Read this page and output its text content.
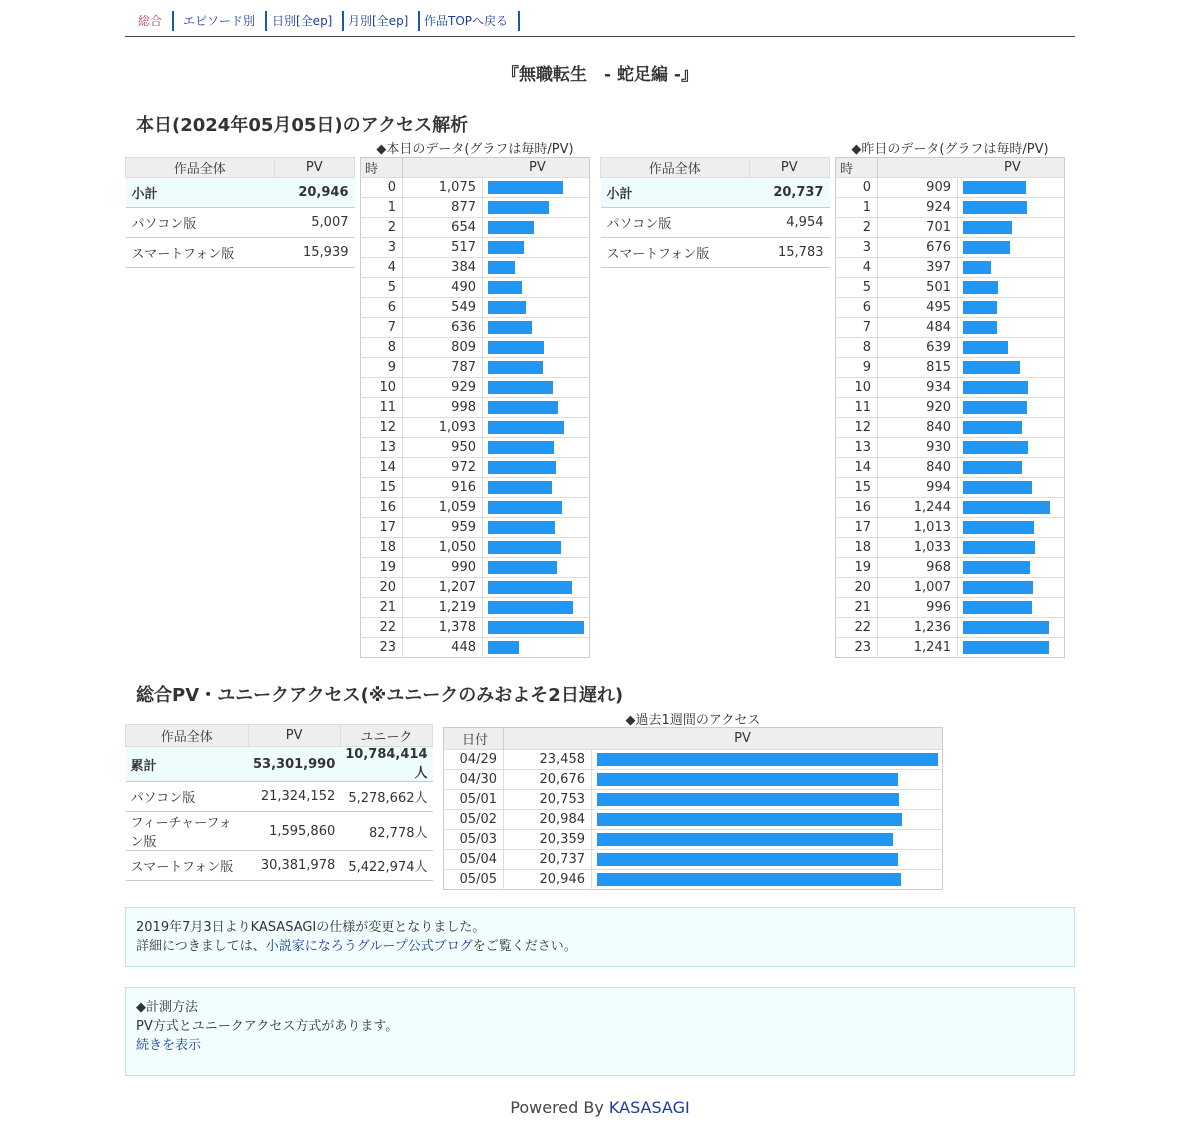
総合	エピソード別	日別[全ep]	月別[全ep]	作品TOPへ戻る
『無職転生　- 蛇足編 -』
本日(2024年05月05日)のアクセス解析
◆本日のデータ(グラフは毎時/PV)	◆昨日のデータ(グラフは毎時/PV)
作品全体	PV
小計	20,946
パソコン版	5,007
スマートフォン版	15,939
時	PV	
0	1,075	

1	877	

2	654	

3	517	

4	384	

5	490	

6	549	

7	636	

8	809	

9	787	

10	929	

11	998	

12	1,093	

13	950	

14	972	

15	916	

16	1,059	

17	959	

18	1,050	

19	990	

20	1,207	

21	1,219	

22	1,378	

23	448	
作品全体	PV
小計	20,737
パソコン版	4,954
スマートフォン版	15,783
時	PV	
0	909	

1	924	

2	701	

3	676	

4	397	

5	501	

6	495	

7	484	

8	639	

9	815	

10	934	

11	920	

12	840	

13	930	

14	840	

15	994	

16	1,244	

17	1,013	

18	1,033	

19	968	

20	1,007	

21	996	

22	1,236	

23	1,241	
総合PV・ユニークアクセス(※ユニークのみおよそ2日遅れ)
作品全体	PV	ユニーク
累計	53,301,990	10,784,414人
パソコン版	21,324,152	5,278,662人
フィーチャーフォン版	1,595,860	82,778人
スマートフォン版	30,381,978	5,422,974人
◆過去1週間のアクセス
日付	PV	
04/29	23,458	

04/30	20,676	

05/01	20,753	

05/02	20,984	

05/03	20,359	

05/04	20,737	

05/05	20,946	
2019年7月3日よりKASASAGIの仕様が変更となりました。
詳細につきましては、小説家になろうグループ公式ブログをご覧ください。
◆計測方法
PV方式とユニークアクセス方式があります。
続きを表示
Powered By KASASAGI
